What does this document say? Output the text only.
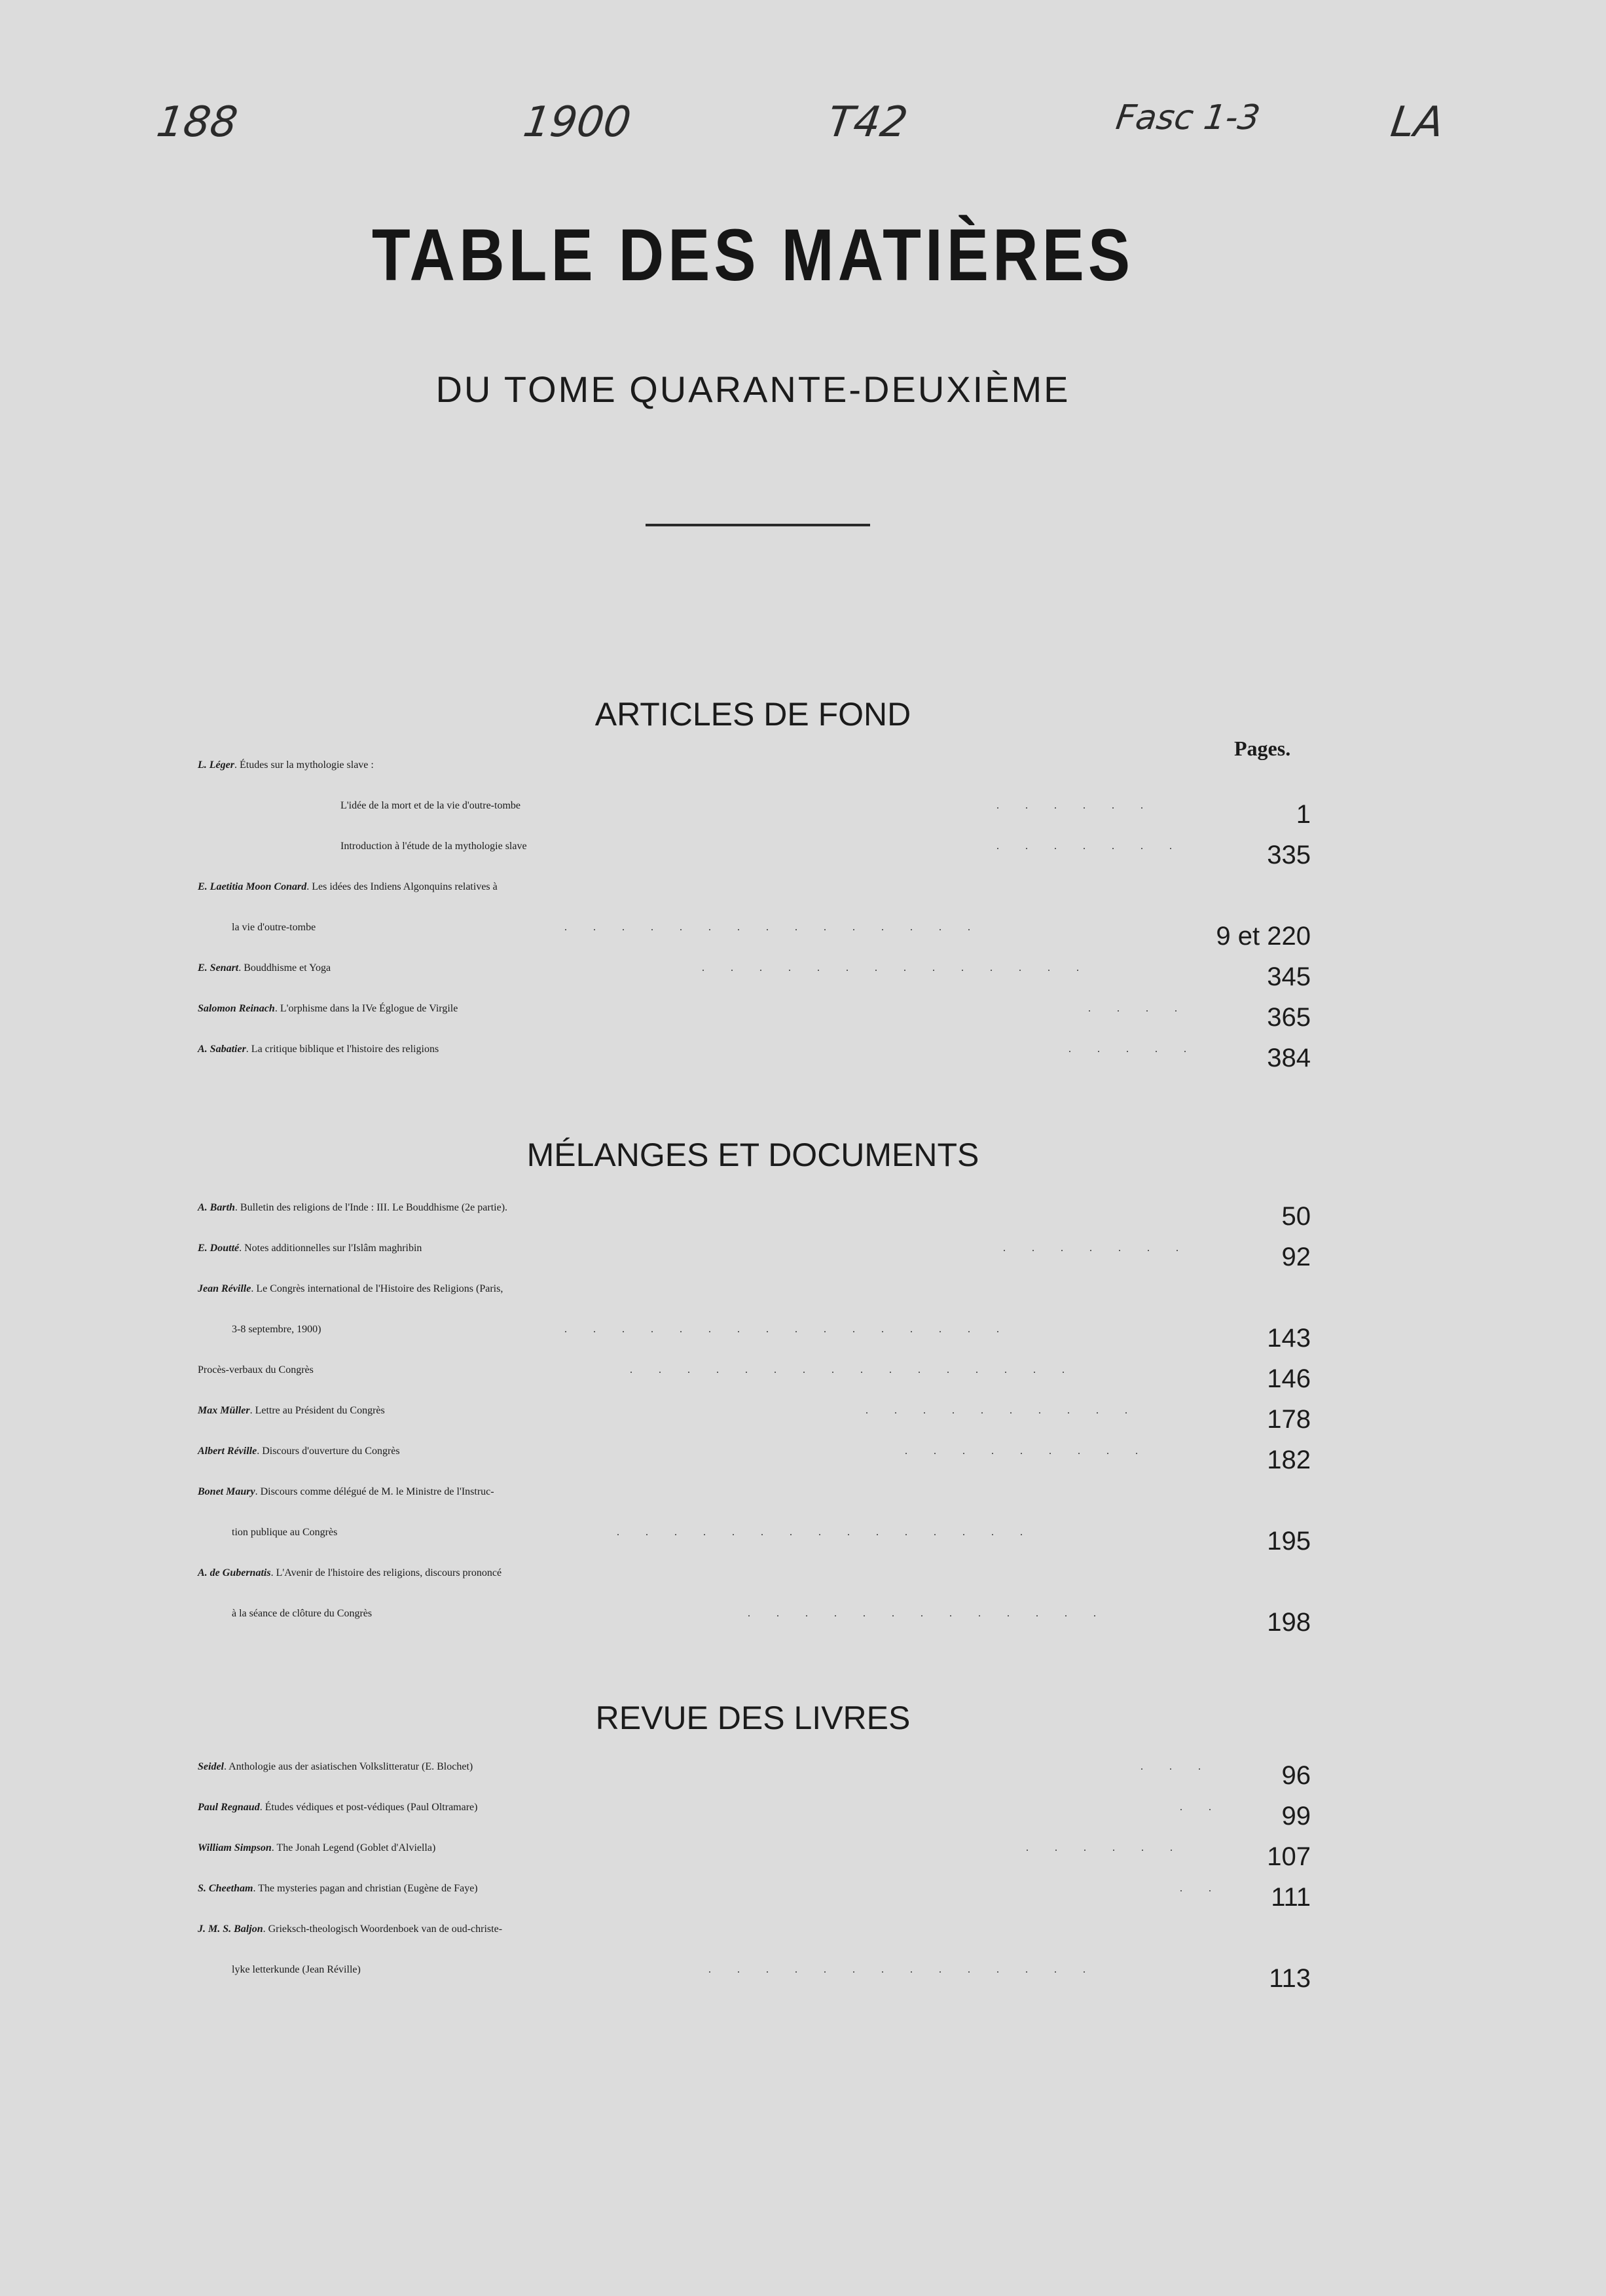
188	1900	T42	Fasc 1-3	LA
TABLE DES MATIÈRES
DU TOME QUARANTE-DEUXIÈME
ARTICLES DE FOND
Pages.
L. Léger. Études sur la mythologie slave :
L'idée de la mort et de la vie d'outre-tombe	. . . . . .	1
Introduction à l'étude de la mythologie slave	. . . . . . .	335
E. Laetitia Moon Conard. Les idées des Indiens Algonquins relatives à
la vie d'outre-tombe	. . . . . . . . . . . . . . .	9 et 220
E. Senart. Bouddhisme et Yoga	. . . . . . . . . . . . . .	345
Salomon Reinach. L'orphisme dans la IVe Églogue de Virgile	. . . .	365
A. Sabatier. La critique biblique et l'histoire des religions	. . . . .	384
MÉLANGES ET DOCUMENTS
A. Barth. Bulletin des religions de l'Inde : III. Le Bouddhisme (2e partie).	50
E. Doutté. Notes additionnelles sur l'Islâm maghribin	. . . . . . .	92
Jean Réville. Le Congrès international de l'Histoire des Religions (Paris,
3-8 septembre, 1900)	. . . . . . . . . . . . . . . .	143
Procès-verbaux du Congrès	. . . . . . . . . . . . . . . .	146
Max Müller. Lettre au Président du Congrès	. . . . . . . . . .	178
Albert Réville. Discours d'ouverture du Congrès	. . . . . . . . .	182
Bonet Maury. Discours comme délégué de M. le Ministre de l'Instruc-
tion publique au Congrès	. . . . . . . . . . . . . . .	195
A. de Gubernatis. L'Avenir de l'histoire des religions, discours prononcé
à la séance de clôture du Congrès	. . . . . . . . . . . . .	198
REVUE DES LIVRES
Seidel. Anthologie aus der asiatischen Volkslitteratur (E. Blochet)	. . .	96
Paul Regnaud. Études védiques et post-védiques (Paul Oltramare)	. . 99
William Simpson. The Jonah Legend (Goblet d'Alviella)	. . . . . .	107
S. Cheetham. The mysteries pagan and christian (Eugène de Faye)	. . 111
J. M. S. Baljon. Grieksch-theologisch Woordenboek van de oud-christe-
lyke letterkunde (Jean Réville)	. . . . . . . . . . . . . .	113
